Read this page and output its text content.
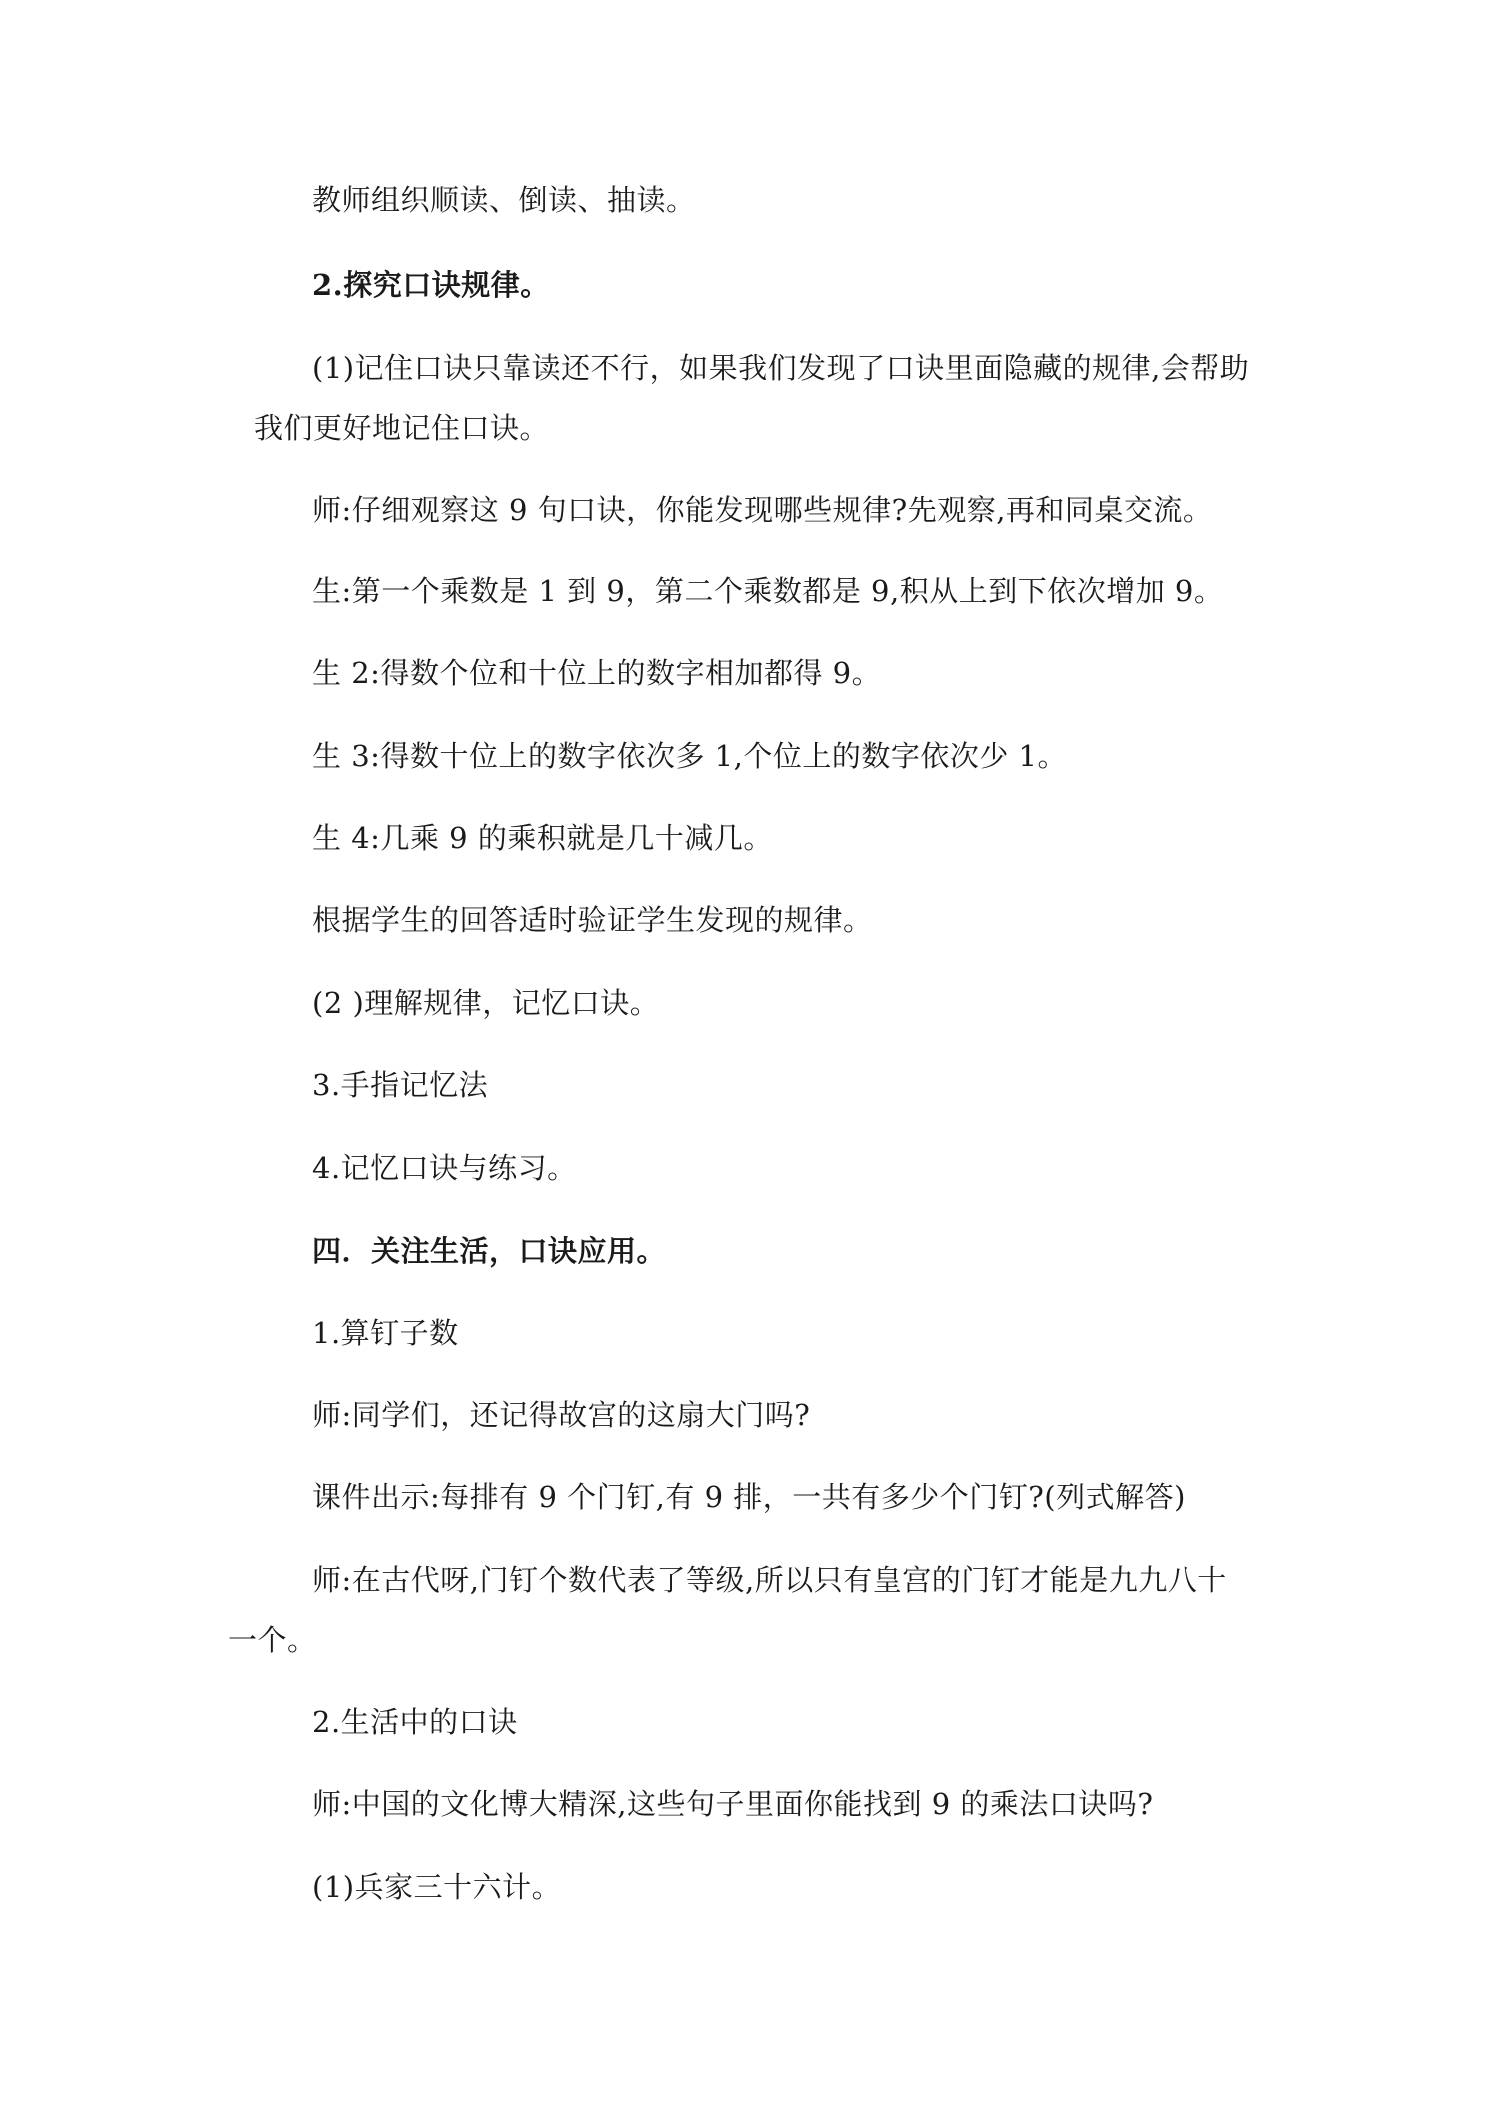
教师组织顺读、倒读、抽读。
2.探究口诀规律。
(1)记住口诀只靠读还不行，如果我们发现了口诀里面隐藏的规律,会帮助
我们更好地记住口诀。
师:仔细观察这 9 句口诀，你能发现哪些规律?先观察,再和同桌交流。
生:第一个乘数是 1 到 9，第二个乘数都是 9,积从上到下依次增加 9。
生 2:得数个位和十位上的数字相加都得 9。
生 3:得数十位上的数字依次多 1,个位上的数字依次少 1。
生 4:几乘 9 的乘积就是几十减几。
根据学生的回答适时验证学生发现的规律。
(2 )理解规律，记忆口诀。
3.手指记忆法
4.记忆口诀与练习。
四．关注生活，口诀应用。
1.算钉子数
师:同学们，还记得故宫的这扇大门吗?
课件出示:每排有 9 个门钉,有 9 排，一共有多少个门钉?(列式解答)
师:在古代呀,门钉个数代表了等级,所以只有皇宫的门钉才能是九九八十
一个。
2.生活中的口诀
师:中国的文化博大精深,这些句子里面你能找到 9 的乘法口诀吗?
(1)兵家三十六计。
